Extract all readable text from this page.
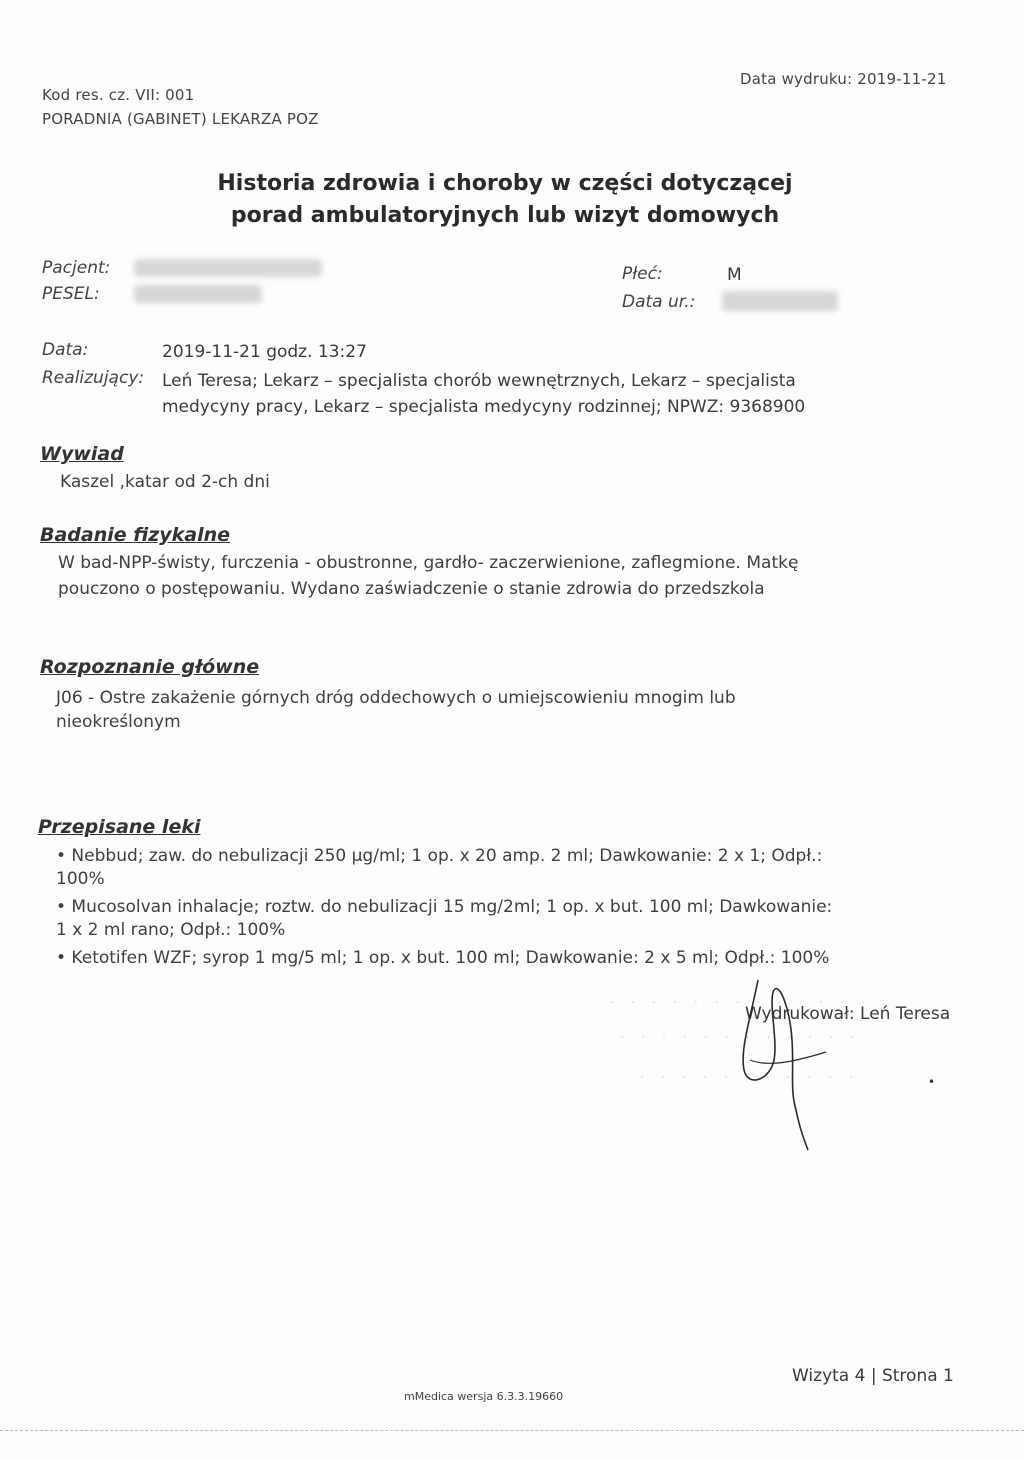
Kod res. cz. VII: 001
PORADNIA (GABINET) LEKARZA POZ
Data wydruku: 2019-11-21
Historia zdrowia i choroby w części dotyczącej
porad ambulatoryjnych lub wizyt domowych
Pacjent:
PESEL:
Płeć:	M
Data ur.:
Data:	2019-11-21 godz. 13:27
Realizujący: Leń Teresa; Lekarz – specjalista chorób wewnętrznych, Lekarz – specjalista
medycyny pracy, Lekarz – specjalista medycyny rodzinnej; NPWZ: 9368900
Wywiad
Kaszel ,katar od 2-ch dni
Badanie fizykalne
W bad-NPP-świsty, furczenia - obustronne, gardło- zaczerwienione, zaflegmione. Matkę
pouczono o postępowaniu. Wydano zaświadczenie o stanie zdrowia do przedszkola
Rozpoznanie główne
J06 - Ostre zakażenie górnych dróg oddechowych o umiejscowieniu mnogim lub
nieokreślonym
Przepisane leki
• Nebbud; zaw. do nebulizacji 250 µg/ml; 1 op. x 20 amp. 2 ml; Dawkowanie: 2 x 1; Odpł.:
100%
• Mucosolvan inhalacje; roztw. do nebulizacji 15 mg/2ml; 1 op. x but. 100 ml; Dawkowanie:
1 x 2 ml rano; Odpł.: 100%
• Ketotifen WZF; syrop 1 mg/5 ml; 1 op. x but. 100 ml; Dawkowanie: 2 x 5 ml; Odpł.: 100%
· · · · · · · · · · · · ·
· · · · · · · · · · · ·
· · · · · · · · · · ·
Wydrukował: Leń Teresa
•
Wizyta 4 | Strona 1
mMedica wersja 6.3.3.19660
